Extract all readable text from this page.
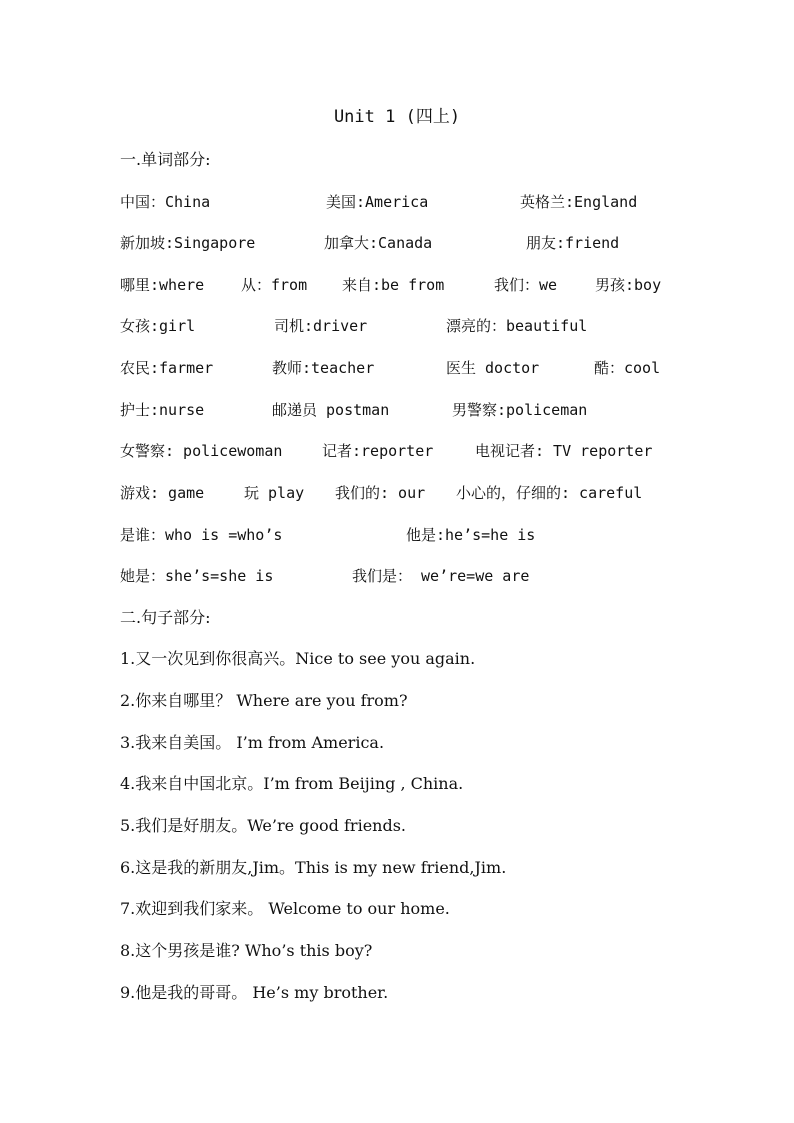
Unit 1 (四上)
一.单词部分:
中国：China	美国:America	英格兰:England
新加坡:Singapore	加拿大:Canada	朋友:friend
哪里:where 从：from 来自:be from	我们：we	男孩:boy
女孩:girl	司机:driver	漂亮的：beautiful
农民:farmer	教师:teacher	医生 doctor	酷：cool
护士:nurse	邮递员 postman	男警察:policeman
女警察: policewoman	记者:reporter	电视记者: TV reporter
游戏: game	玩 play 我们的: our 小心的，仔细的: careful
是谁：who is =who’s	他是:he’s=he is
她是：she’s=she is	我们是： we’re=we are
二.句子部分:
1.又一次见到你很高兴。Nice to see you again.
2.你来自哪里？ Where are you from?
3.我来自美国。 I’m from America.
4.我来自中国北京。I’m from Beijing , China.
5.我们是好朋友。We’re good friends.
6.这是我的新朋友,Jim。This is my new friend,Jim.
7.欢迎到我们家来。 Welcome to our home.
8.这个男孩是谁? Who’s this boy?
9.他是我的哥哥。 He’s my brother.
